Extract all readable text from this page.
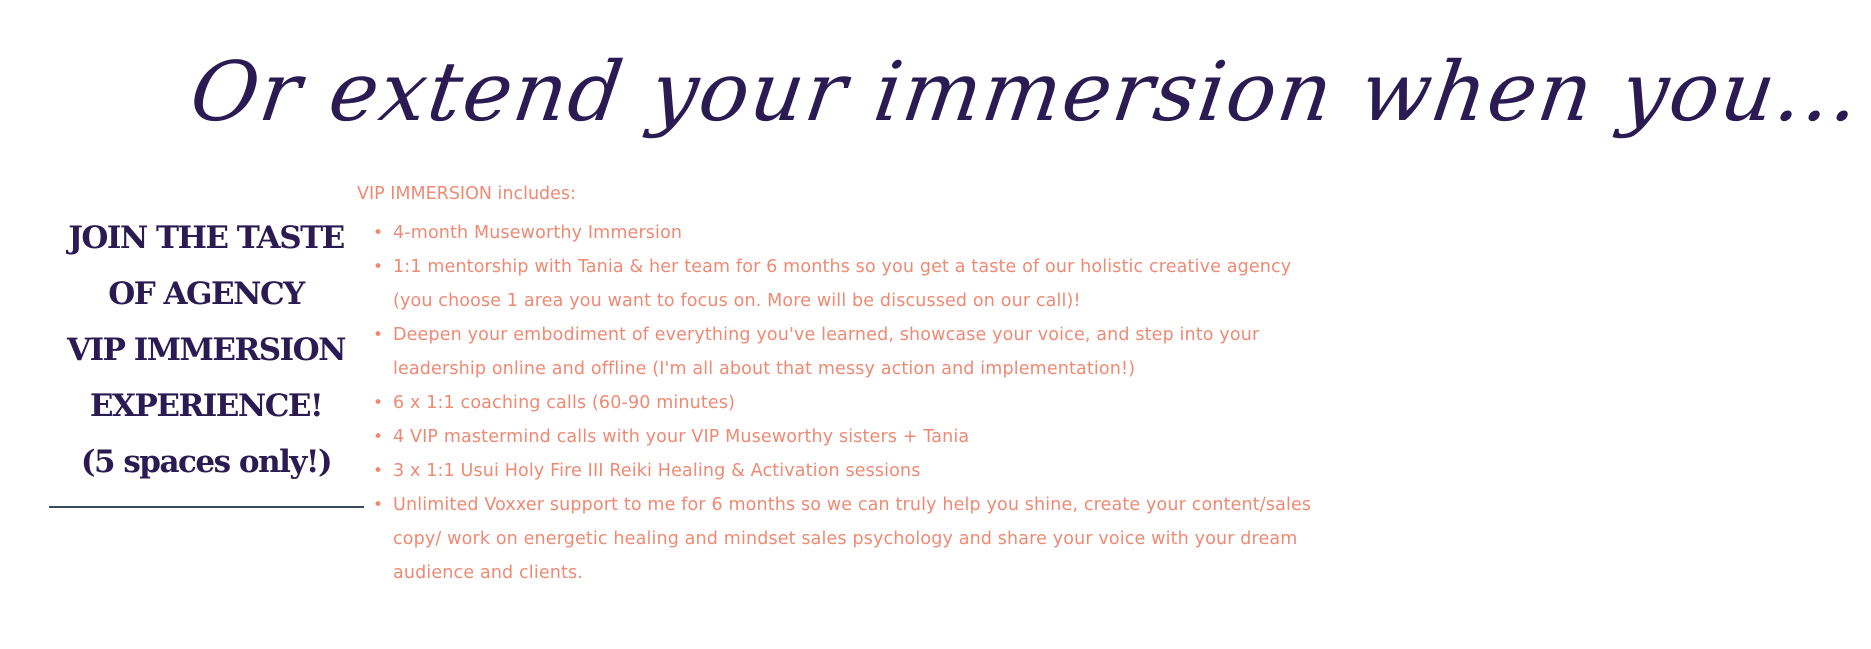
Or extend your immersion when you...
JOIN THE TASTE
OF AGENCY
VIP IMMERSION
EXPERIENCE!
(5 spaces only!)
VIP IMMERSION includes:
• 4-month Museworthy Immersion
• 1:1 mentorship with Tania & her team for 6 months so you get a taste of our holistic creative agency (you choose 1 area you want to focus on. More will be discussed on our call)!
• Deepen your embodiment of everything you've learned, showcase your voice, and step into your leadership online and offline (I'm all about that messy action and implementation!)
• 6 x 1:1 coaching calls (60-90 minutes)
• 4 VIP mastermind calls with your VIP Museworthy sisters + Tania
• 3 x 1:1 Usui Holy Fire III Reiki Healing & Activation sessions
• Unlimited Voxxer support to me for 6 months so we can truly help you shine, create your content/sales copy/ work on energetic healing and mindset sales psychology and share your voice with your dream audience and clients.
